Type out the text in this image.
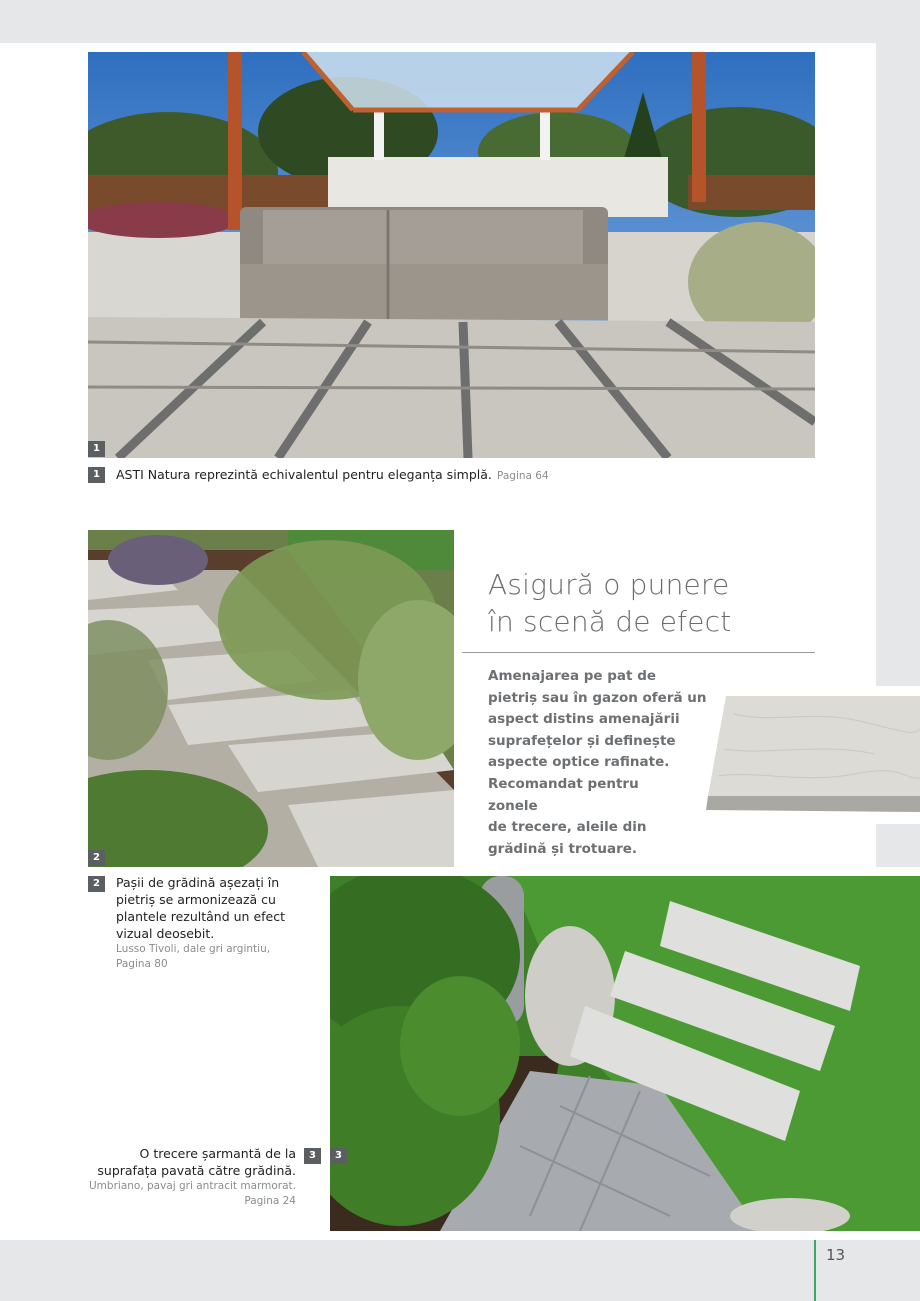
1
1	ASTI Natura reprezintă echivalentul pentru eleganța simplă. Pagina 64
2
Asigură o punere
în scenă de efect
Amenajarea pe pat de
pietriș sau în gazon oferă un
aspect distins amenajării
suprafețelor și definește
aspecte optice rafinate.
Recomandat pentru zonele
de trecere, aleile din
grădină și trotuare.
2	Pașii de grădină așezați în
pietriș se armonizează cu
plantele rezultând un efect
vizual deosebit.
Lusso Tivoli, dale gri argintiu,
Pagina 80
3
3
O trecere șarmantă de la
suprafața pavată către grădină.
Umbriano, pavaj gri antracit marmorat.
Pagina 24
13
